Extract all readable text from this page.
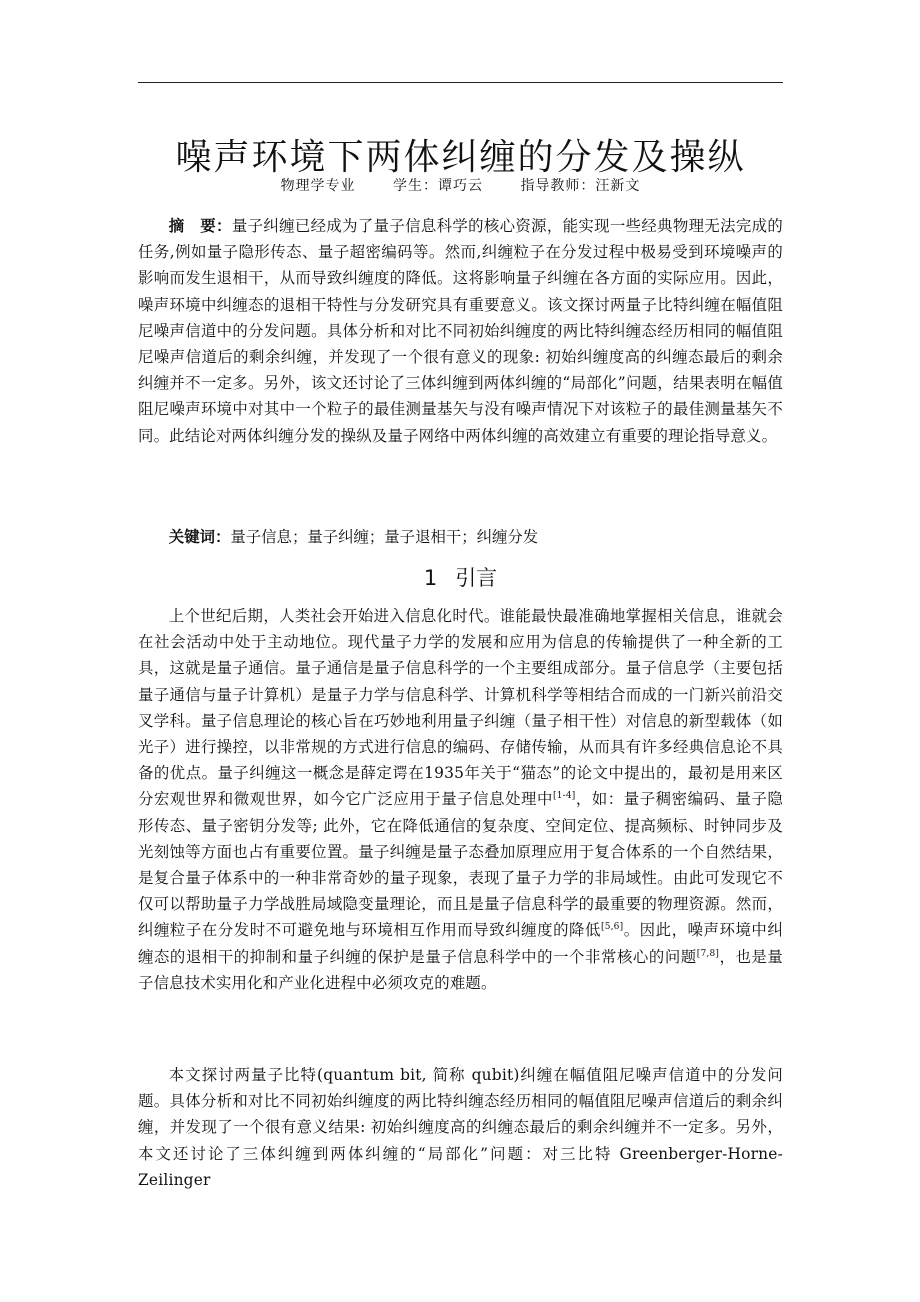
噪声环境下两体纠缠的分发及操纵
物理学专业	学生：谭巧云	指导教师：汪新文

摘　要：量子纠缠已经成为了量子信息科学的核心资源，能实现一些经典物理无法完成的任务,例如量子隐形传态、量子超密编码等。然而,纠缠粒子在分发过程中极易受到环境噪声的影响而发生退相干，从而导致纠缠度的降低。这将影响量子纠缠在各方面的实际应用。因此，噪声环境中纠缠态的退相干特性与分发研究具有重要意义。该文探讨两量子比特纠缠在幅值阻尼噪声信道中的分发问题。具体分析和对比不同初始纠缠度的两比特纠缠态经历相同的幅值阻尼噪声信道后的剩余纠缠，并发现了一个很有意义的现象: 初始纠缠度高的纠缠态最后的剩余纠缠并不一定多。另外，该文还讨论了三体纠缠到两体纠缠的“局部化”问题，结果表明在幅值阻尼噪声环境中对其中一个粒子的最佳测量基矢与没有噪声情况下对该粒子的最佳测量基矢不同。此结论对两体纠缠分发的操纵及量子网络中两体纠缠的高效建立有重要的理论指导意义。

关键词：量子信息；量子纠缠；量子退相干；纠缠分发

1 引言

上个世纪后期，人类社会开始进入信息化时代。谁能最快最准确地掌握相关信息，谁就会在社会活动中处于主动地位。现代量子力学的发展和应用为信息的传输提供了一种全新的工具，这就是量子通信。量子通信是量子信息科学的一个主要组成部分。量子信息学（主要包括量子通信与量子计算机）是量子力学与信息科学、计算机科学等相结合而成的一门新兴前沿交叉学科。量子信息理论的核心旨在巧妙地利用量子纠缠（量子相干性）对信息的新型载体（如光子）进行操控，以非常规的方式进行信息的编码、存储传输，从而具有许多经典信息论不具备的优点。量子纠缠这一概念是薛定谔在1935年关于“猫态”的论文中提出的，最初是用来区分宏观世界和微观世界，如今它广泛应用于量子信息处理中[1-4]，如：量子稠密编码、量子隐形传态、量子密钥分发等; 此外，它在降低通信的复杂度、空间定位、提高频标、时钟同步及光刻蚀等方面也占有重要位置。量子纠缠是量子态叠加原理应用于复合体系的一个自然结果，是复合量子体系中的一种非常奇妙的量子现象，表现了量子力学的非局域性。由此可发现它不仅可以帮助量子力学战胜局域隐变量理论，而且是量子信息科学的最重要的物理资源。然而，纠缠粒子在分发时不可避免地与环境相互作用而导致纠缠度的降低[5,6]。因此，噪声环境中纠缠态的退相干的抑制和量子纠缠的保护是量子信息科学中的一个非常核心的问题[7,8]，也是量子信息技术实用化和产业化进程中必须攻克的难题。

本文探讨两量子比特(quantum bit, 简称 qubit)纠缠在幅值阻尼噪声信道中的分发问题。具体分析和对比不同初始纠缠度的两比特纠缠态经历相同的幅值阻尼噪声信道后的剩余纠缠，并发现了一个很有意义结果: 初始纠缠度高的纠缠态最后的剩余纠缠并不一定多。另外，本文还讨论了三体纠缠到两体纠缠的“局部化”问题：对三比特 Greenberger-Horne-Zeilinger
